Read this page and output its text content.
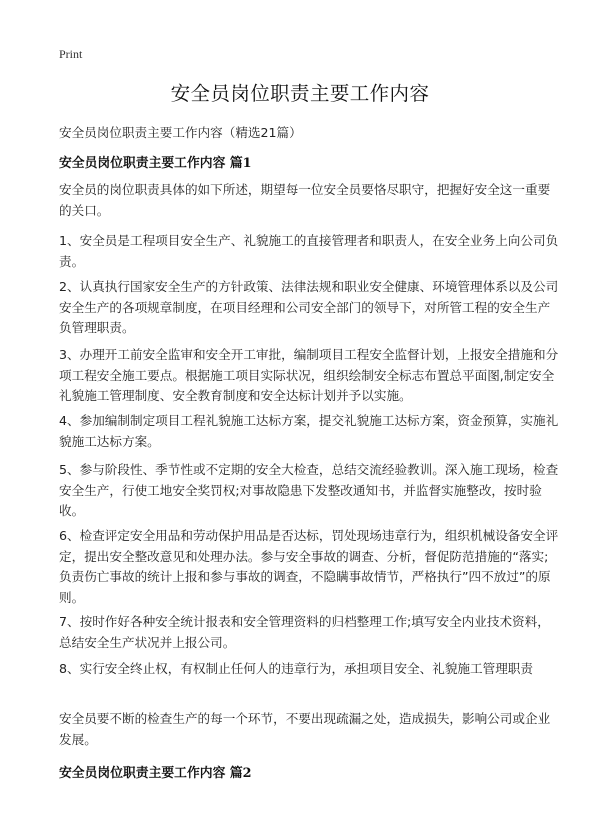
Print
安全员岗位职责主要工作内容
安全员岗位职责主要工作内容（精选21篇）
安全员岗位职责主要工作内容 篇1

安全员的岗位职责具体的如下所述，期望每一位安全员要恪尽职守，把握好安全这一重要的关口。

1、安全员是工程项目安全生产、礼貌施工的直接管理者和职责人，在安全业务上向公司负责。

2、认真执行国家安全生产的方针政策、法律法规和职业安全健康、环境管理体系以及公司安全生产的各项规章制度，在项目经理和公司安全部门的领导下，对所管工程的安全生产负管理职责。

3、办理开工前安全监审和安全开工审批，编制项目工程安全监督计划，上报安全措施和分项工程安全施工要点。根据施工项目实际状况，组织绘制安全标志布置总平面图,制定安全礼貌施工管理制度、安全教育制度和安全达标计划并予以实施。

4、参加编制制定项目工程礼貌施工达标方案，提交礼貌施工达标方案，资金预算，实施礼貌施工达标方案。

5、参与阶段性、季节性或不定期的安全大检查，总结交流经验教训。深入施工现场，检查安全生产，行使工地安全奖罚权;对事故隐患下发整改通知书，并监督实施整改，按时验收。

6、检查评定安全用品和劳动保护用品是否达标，罚处现场违章行为，组织机械设备安全评定，提出安全整改意见和处理办法。参与安全事故的调查、分析，督促防范措施的“落实;负责伤亡事故的统计上报和参与事故的调查，不隐瞒事故情节，严格执行”四不放过”的原则。

7、按时作好各种安全统计报表和安全管理资料的归档整理工作;填写安全内业技术资料，总结安全生产状况并上报公司。

8、实行安全终止权，有权制止任何人的违章行为，承担项目安全、礼貌施工管理职责

安全员要不断的检查生产的每一个环节，不要出现疏漏之处，造成损失，影响公司或企业发展。

安全员岗位职责主要工作内容 篇2
